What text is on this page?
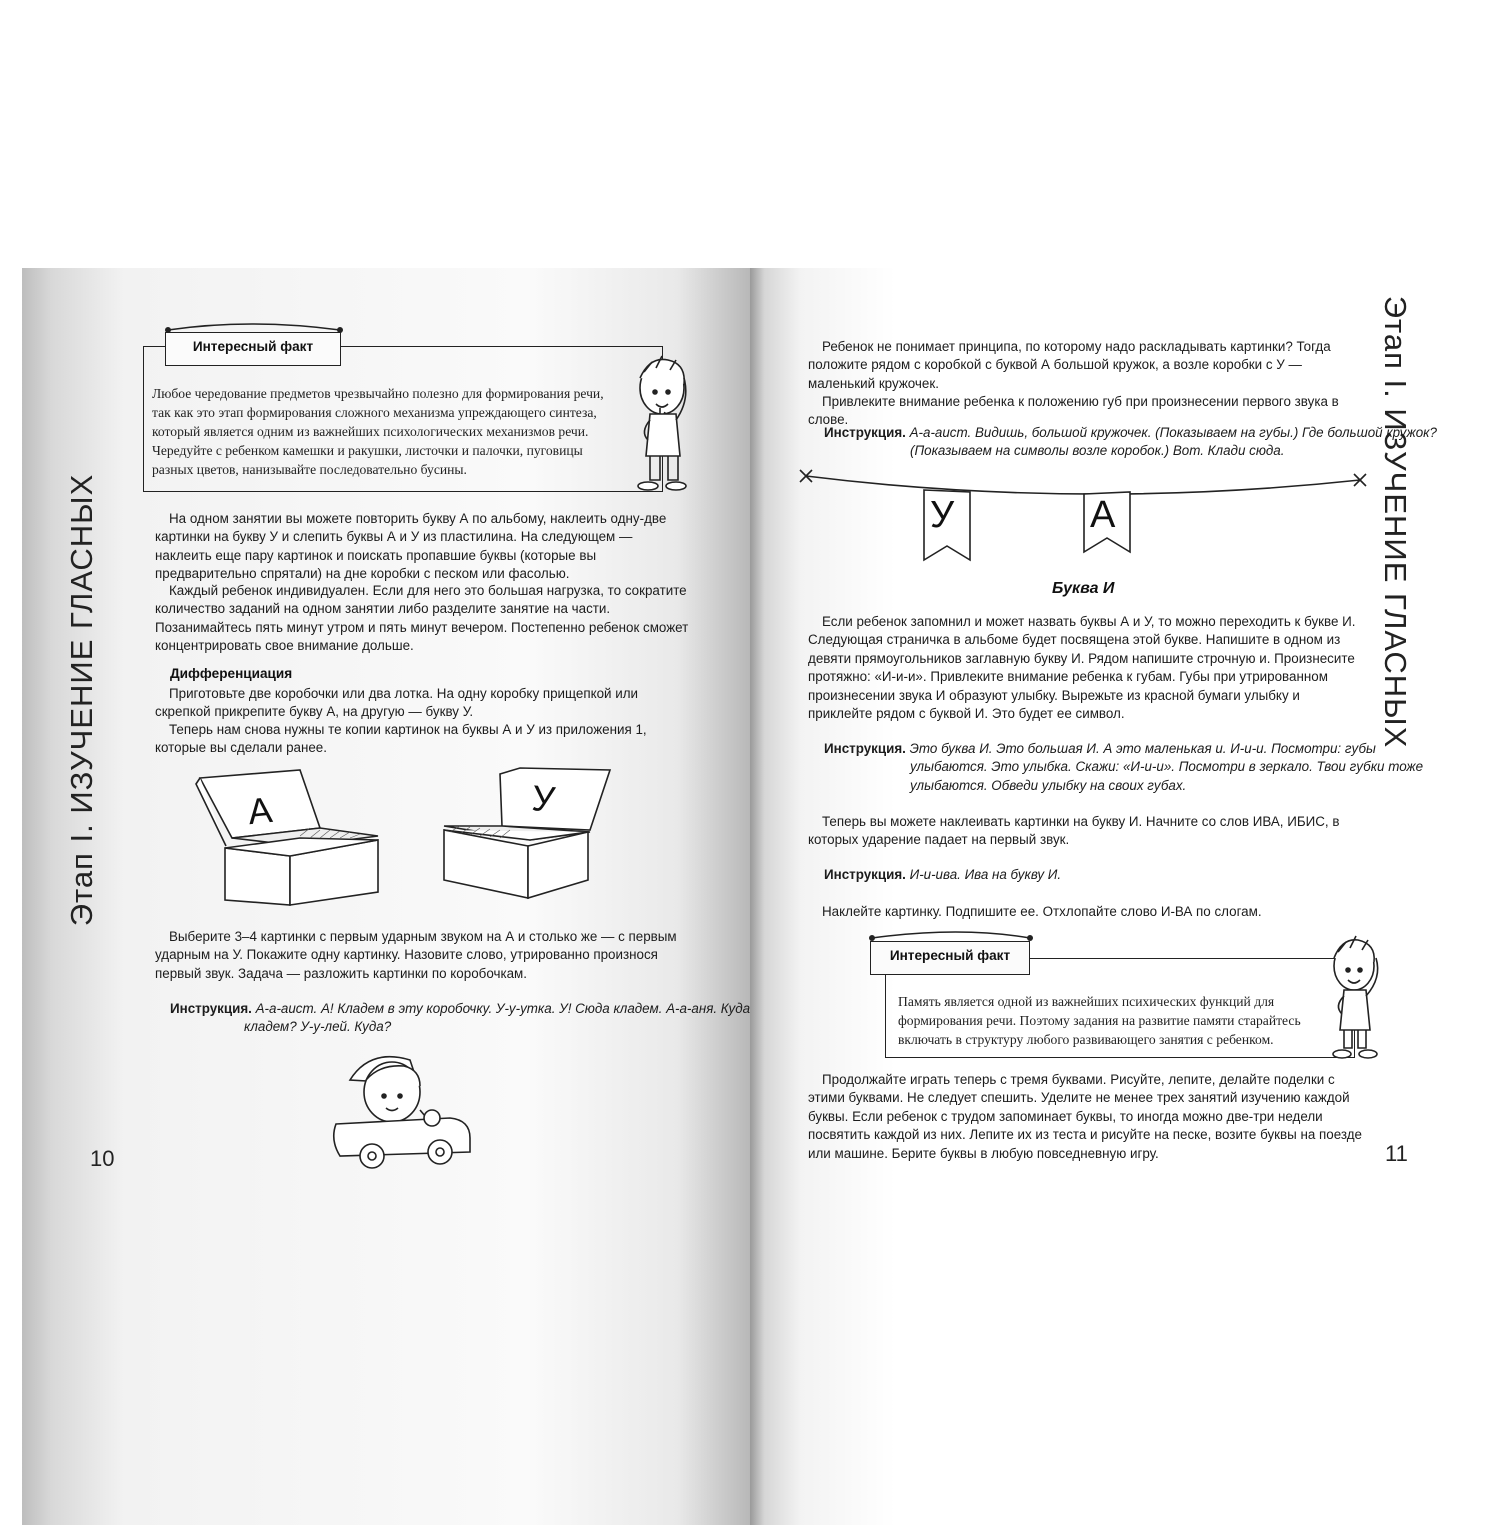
Этап I. ИЗУЧЕНИЕ ГЛАСНЫХ	Этап I. ИЗУЧЕНИЕ ГЛАСНЫХ
Интересный факт

Любое чередование предметов чрезвычайно полезно для формирования речи, так как это этап формирования сложного механизма упреждающего синтеза, который является одним из важнейших психологических механизмов речи. Чередуйте с ребенком камешки и ракушки, листочки и палочки, пуговицы разных цветов, нанизывайте последовательно бусины.

На одном занятии вы можете повторить букву А по альбому, наклеить одну-две картинки на букву У и слепить буквы А и У из пластилина. На следующем — наклеить еще пару картинок и поискать пропавшие буквы (которые вы предварительно спрятали) на дне коробки с песком или фасолью.

Каждый ребенок индивидуален. Если для него это большая нагрузка, то сократите количество заданий на одном занятии либо разделите занятие на части. Позанимайтесь пять минут утром и пять минут вечером. Постепенно ребенок сможет концентрировать свое внимание дольше.

Дифференциация

Приготовьте две коробочки или два лотка. На одну коробку прищепкой или скрепкой прикрепите букву А, на другую — букву У.

Теперь нам снова нужны те копии картинок на буквы А и У из приложения 1, которые вы сделали ранее.

А	У

Выберите 3–4 картинки с первым ударным звуком на А и столько же — с первым ударным на У. Покажите одну картинку. Назовите слово, утрированно произнося первый звук. Задача — разложить картинки по коробочкам.

Инструкция. А-а-аист. А! Кладем в эту коробочку. У-у-утка. У! Сюда кладем. А-а-аня. Куда кладем? У-у-лей. Куда?

10

Ребенок не понимает принципа, по которому надо раскладывать картинки? Тогда положите рядом с коробкой с буквой А большой кружок, а возле коробки с У — маленький кружочек.

Привлеките внимание ребенка к положению губ при произнесении первого звука в слове.

Инструкция. А-а-аист. Видишь, большой кружочек. (Показываем на губы.) Где большой кружок? (Показываем на символы возле коробок.) Вот. Клади сюда.

У	А
Буква И

Если ребенок запомнил и может назвать буквы А и У, то можно переходить к букве И. Следующая страничка в альбоме будет посвящена этой букве. Напишите в одном из девяти прямоугольников заглавную букву И. Рядом напишите строчную и. Произнесите протяжно: «И-и-и». Привлеките внимание ребенка к губам. Губы при утрированном произнесении звука И образуют улыбку. Вырежьте из красной бумаги улыбку и приклейте рядом с буквой И. Это будет ее символ.

Инструкция. Это буква И. Это большая И. А это маленькая и. И-и-и. Посмотри: губы улыбаются. Это улыбка. Скажи: «И-и-и». Посмотри в зеркало. Твои губки тоже улыбаются. Обведи улыбку на своих губах.

Теперь вы можете наклеивать картинки на букву И. Начните со слов ИВА, ИБИС, в которых ударение падает на первый звук.

Инструкция. И-и-ива. Ива на букву И.

Наклейте картинку. Подпишите ее. Отхлопайте слово И-ВА по слогам.

Интересный факт

Память является одной из важнейших психических функций для формирования речи. Поэтому задания на развитие памяти старайтесь включать в структуру любого развивающего занятия с ребенком.

Продолжайте играть теперь с тремя буквами. Рисуйте, лепите, делайте поделки с этими буквами. Не следует спешить. Уделите не менее трех занятий изучению каждой буквы. Если ребенок с трудом запоминает буквы, то иногда можно две-три недели посвятить каждой из них. Лепите их из теста и рисуйте на песке, возите буквы на поезде или машине. Берите буквы в любую повседневную игру.	11
